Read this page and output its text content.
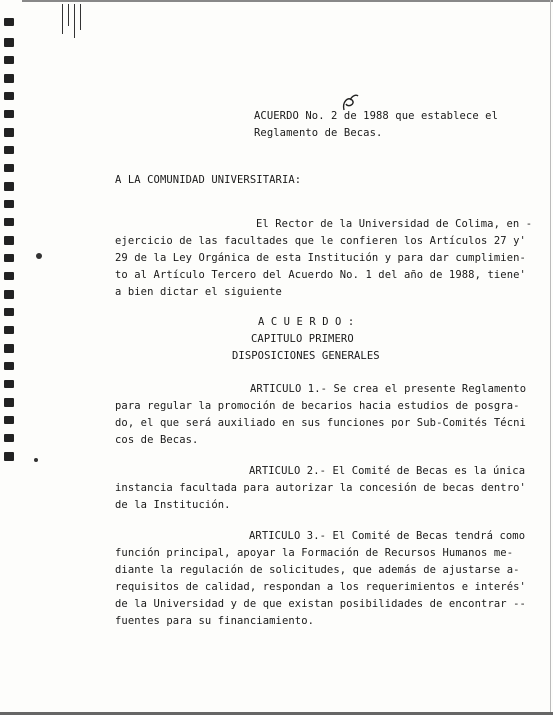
ACUERDO No. 2 de 1988 que establece el
Reglamento de Becas.
A LA COMUNIDAD UNIVERSITARIA:
El Rector de la Universidad de Colima, en -
ejercicio de las facultades que le confieren los Artículos 27 y'
29 de la Ley Orgánica de esta Institución y para dar cumplimien-
to al Artículo Tercero del Acuerdo No. 1 del año de 1988, tiene'
a bien dictar el siguiente
A C U E R D O :
CAPITULO PRIMERO
DISPOSICIONES GENERALES
ARTICULO 1.- Se crea el presente Reglamento
para regular la promoción de becarios hacia estudios de posgra-
do, el que será auxiliado en sus funciones por Sub-Comités Técni
cos de Becas.
ARTICULO 2.- El Comité de Becas es la única
instancia facultada para autorizar la concesión de becas dentro'
de la Institución.
ARTICULO 3.- El Comité de Becas tendrá como
función principal, apoyar la Formación de Recursos Humanos me-
diante la regulación de solicitudes, que además de ajustarse a-
requisitos de calidad, respondan a los requerimientos e interés'
de la Universidad y de que existan posibilidades de encontrar --
fuentes para su financiamiento.
